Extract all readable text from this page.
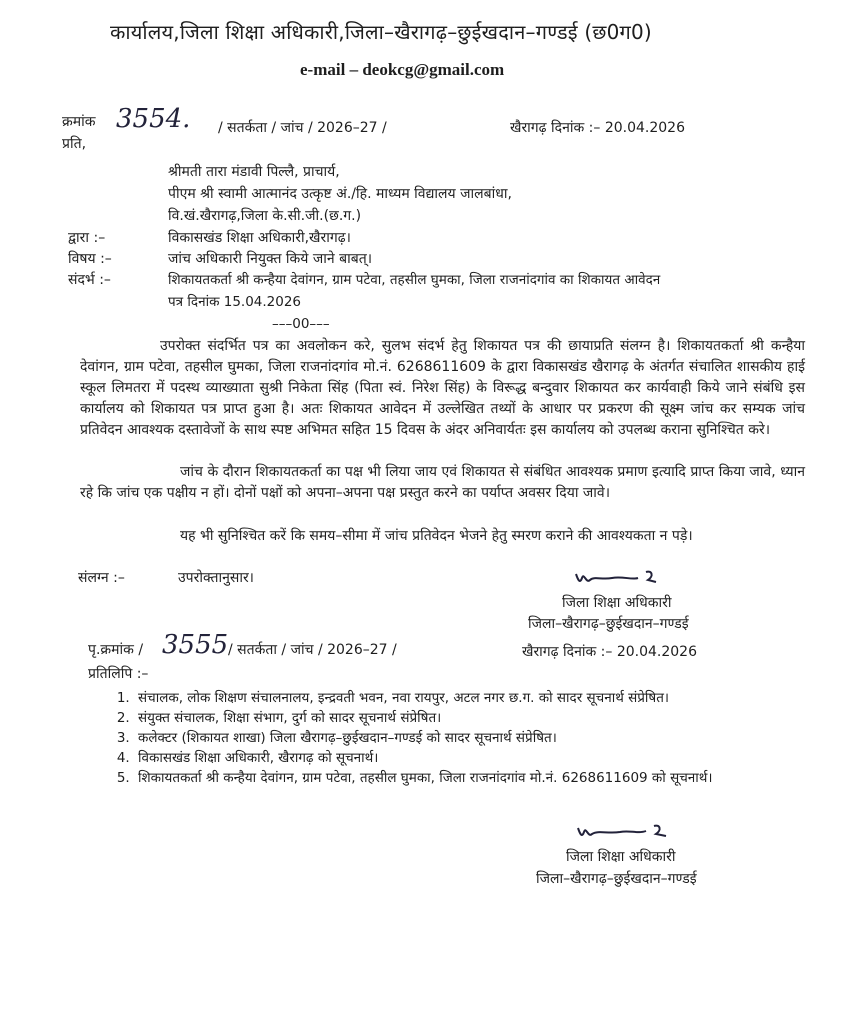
कार्यालय,जिला शिक्षा अधिकारी,जिला–खैरागढ़–छुईखदान–गण्डई (छ0ग0)
e-mail – deokcg@gmail.com
क्रमांक 3554. / सतर्कता / जांच / 2026–27 /	खैरागढ़ दिनांक :– 20.04.2026
प्रति,
श्रीमती तारा मंडावी पिल्लै, प्राचार्य,
पीएम श्री स्वामी आत्मानंद उत्कृष्ट अं./हि. माध्यम विद्यालय जालबांधा,
वि.खं.खैरागढ़,जिला के.सी.जी.(छ.ग.)
द्वारा :–	विकासखंड शिक्षा अधिकारी,खैरागढ़।
विषय :–	जांच अधिकारी नियुक्त किये जाने बाबत्।
संदर्भ :–	शिकायतकर्ता श्री कन्हैया देवांगन, ग्राम पटेवा, तहसील घुमका, जिला राजनांदगांव का शिकायत आवेदन
पत्र दिनांक 15.04.2026
–––00–––

उपरोक्त संदर्भित पत्र का अवलोकन करे, सुलभ संदर्भ हेतु शिकायत पत्र की छायाप्रति संलग्न है। शिकायतकर्ता श्री कन्हैया देवांगन, ग्राम पटेवा, तहसील घुमका, जिला राजनांदगांव मो.नं. 6268611609 के द्वारा विकासखंड खैरागढ़ के अंतर्गत संचालित शासकीय हाई स्कूल लिमतरा में पदस्थ व्याख्याता सुश्री निकेता सिंह (पिता स्वं. निरेश सिंह) के विरूद्ध बन्दुवार शिकायत कर कार्यवाही किये जाने संबंधि इस कार्यालय को शिकायत पत्र प्राप्त हुआ है। अतः शिकायत आवेदन में उल्लेखित तथ्यों के आधार पर प्रकरण की सूक्ष्म जांच कर सम्यक जांच प्रतिवेदन आवश्यक दस्तावेजों के साथ स्पष्ट अभिमत सहित 15 दिवस के अंदर अनिवार्यतः इस कार्यालय को उपलब्ध कराना सुनिश्चित करे।

जांच के दौरान शिकायतकर्ता का पक्ष भी लिया जाय एवं शिकायत से संबंधित आवश्यक प्रमाण इत्यादि प्राप्त किया जावे, ध्यान रहे कि जांच एक पक्षीय न हों। दोनों पक्षों को अपना–अपना पक्ष प्रस्तुत करने का पर्याप्त अवसर दिया जावे।

यह भी सुनिश्चित करें कि समय–सीमा में जांच प्रतिवेदन भेजने हेतु स्मरण कराने की आवश्यकता न पड़े।

संलग्न :–	उपरोक्तानुसार।
जिला शिक्षा अधिकारी
जिला–खैरागढ़–छुईखदान–गण्डई
पृ.क्रमांक / 3555 / सतर्कता / जांच / 2026–27 /	खैरागढ़ दिनांक :– 20.04.2026
प्रतिलिपि :–
1. संचालक, लोक शिक्षण संचालनालय, इन्द्रवती भवन, नवा रायपुर, अटल नगर छ.ग. को सादर सूचनार्थ संप्रेषित।
2. संयुक्त संचालक, शिक्षा संभाग, दुर्ग को सादर सूचनार्थ संप्रेषित।
3. कलेक्टर (शिकायत शाखा) जिला खैरागढ़–छुईखदान–गण्डई को सादर सूचनार्थ संप्रेषित।
4. विकासखंड शिक्षा अधिकारी, खैरागढ़ को सूचनार्थ।
5. शिकायतकर्ता श्री कन्हैया देवांगन, ग्राम पटेवा, तहसील घुमका, जिला राजनांदगांव मो.नं. 6268611609 को सूचनार्थ।
जिला शिक्षा अधिकारी
जिला–खैरागढ़–छुईखदान–गण्डई
